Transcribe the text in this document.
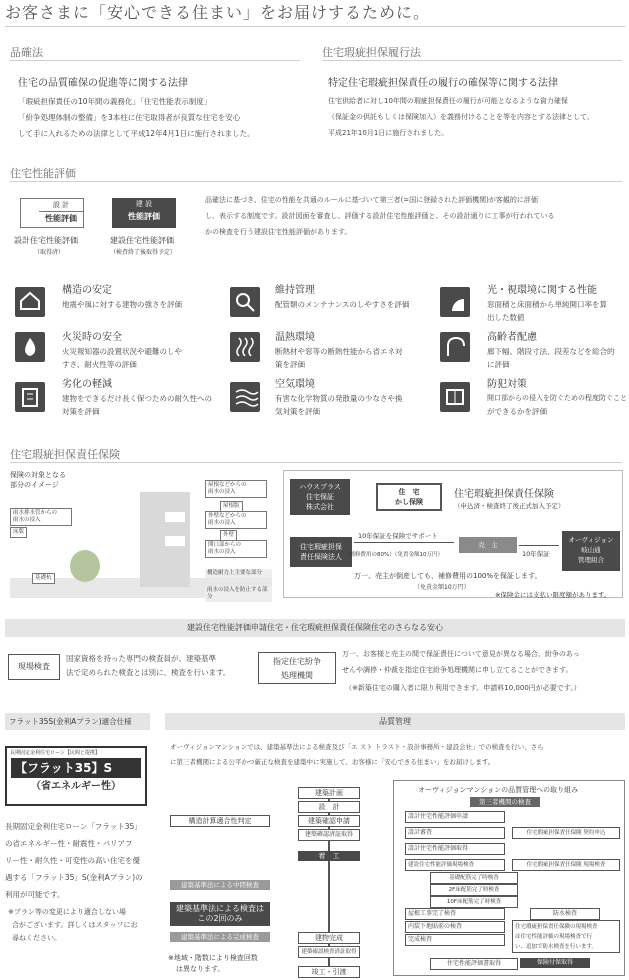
お客さまに「安心できる住まい」をお届けするために。
品確法
住宅の品質確保の促進等に関する法律
「瑕疵担保責任の10年間の義務化」「住宅性能表示制度」
「紛争処理体制の整備」を3本柱に住宅取得者が良質な住宅を安心
して手に入れるための法律として平成12年4月1日に施行されました。
住宅瑕疵担保履行法
特定住宅瑕疵担保責任の履行の確保等に関する法律
住宅供給者に対し10年間の瑕疵担保責任の履行が可能となるような資力確保
（保証金の供託もしくは保険加入）を義務付けることを等を内容とする法律として、
平成21年10月1日に施行されました。
住宅性能評価
設 計
性能評価
建 設
性能評価
設計住宅性能評価
（取得済）
建設住宅性能評価
（検査終了後取得予定）
品確法に基づき、住宅の性能を共通のルールに基づいて第三者(=国に登録された評価機関)が客観的に評価
し、表示する制度です。設計図面を審査し、評価する設計住宅性能評価と、その設計通りに工事が行われている
かの検査を行う建設住宅性能評価があります。
構造の安定
地震や風に対する建物の強さを評価
維持管理
配管類のメンテナンスのしやすさを評価
光・視環境に関する性能
窓面積と床面積から単純開口率を算
出した数値
火災時の安全
火災報知器の設置状況や避難のしや
すさ、耐火性等の評価
温熱環境
断熱材や窓等の断熱性能から省エネ対
策を評価
高齢者配慮
廊下幅、階段寸法、段差などを総合的
に評価
劣化の軽減
建物をできるだけ長く保つための耐久性への
対策を評価
空気環境
有害な化学物質の発散量の少なさや換
気対策を評価
防犯対策
開口部からの侵入を防ぐための程度防ぐこと
ができるかを評価
住宅瑕疵担保責任保険
保険の対象となる
部分のイメージ
雨水排水管からの
雨水の浸入
床版
基礎杭
屋根などからの
雨水の浸入
屋根版
外壁などからの
雨水の浸入
外壁
開口部からの
雨水の浸入
構造耐力上主要な部分
雨水の浸入を防止する部分
ハウスプラス
住宅保証
株式会社
住　宅
かし保険
住宅瑕疵担保責任保険
（申込済・検査終了後正式加入予定）
住宅瑕疵担保
責任保険法人
10年保証を保険でサポート
（補修費用の80%）（免責金額10万円）
売　主
10年保証
オーヴィジョン
岐山通
管理組合
万一、売主が倒産しても、補修費用の100%を保証します。
（免責金額10万円）
※保険金には支払い限度額があります。
建設住宅性能評価申請住宅・住宅瑕疵担保責任保険住宅のさらなる安心
現場検査
国家資格を持った専門の検査員が、建築基準
法で定められた検査とは別に、検査を行います。
指定住宅紛争
処理機関
万一、お客様と売主の間で保証責任について意見が異なる場合、紛争のあっ
せんや調停・仲裁を指定住宅紛争処理機関に申し立てることができます。
（※新築住宅の購入者に限り利用できます。申請料10,000円が必要です。）
フラット35S(金利Aプラン)適合仕様
長期固定金利住宅ローン【民間と提携】
【フラット35】S
（省エネルギー性）
長期固定金利住宅ローン「フラット35」
の省エネルギー性・耐震性・バリアフ
リー性・耐久性・可変性の高い住宅を優
遇する「フラット35」S(金利Aプラン)の
利用が可能です。
※プラン等の変更により適合しない場
合がございます。詳しくはスタッフにお
尋ねください。
品質管理
オーヴィジョンマンションでは、建築基準法による検査及び「エ スト トラスト・設計事務所・建設会社」での検査を行い、さら
に第三者機関による公平かつ厳正な検査を建築中に実施して、お客様に「安心できる住まい」をお届けします。
建築計画
設　計
建築確認申請
建築確認済証取得
着　工
建物完成
建築確認検査済証取得
竣工・引渡
構造計算適合性判定
建築基準法による中間検査
建築基準法による検査は
この2回のみ
建築基準法による完成検査
※地域・階数により検査回数
は異なります。
オーヴィジョンマンションの品質管理への取り組み
第三者機関の検査
設計住宅性能評価申請
設計審査
設計住宅性能評価取得
建設住宅性能評価現場検査
基礎配筋完了時検査
2F床配筋完了時検査
10F床配筋完了時検査
屋根工事完了検査
内装下地貼前の検査
完成検査
住宅性能評価書取得	保険付保取得
住宅瑕疵担保責任保険 契約申込
住宅瑕疵担保責任保険 現場検査
防水検査
住宅瑕疵担保責任保険の現場検査
は住宅性能評価の現場検査で行
い、追加で防水検査を行います。
